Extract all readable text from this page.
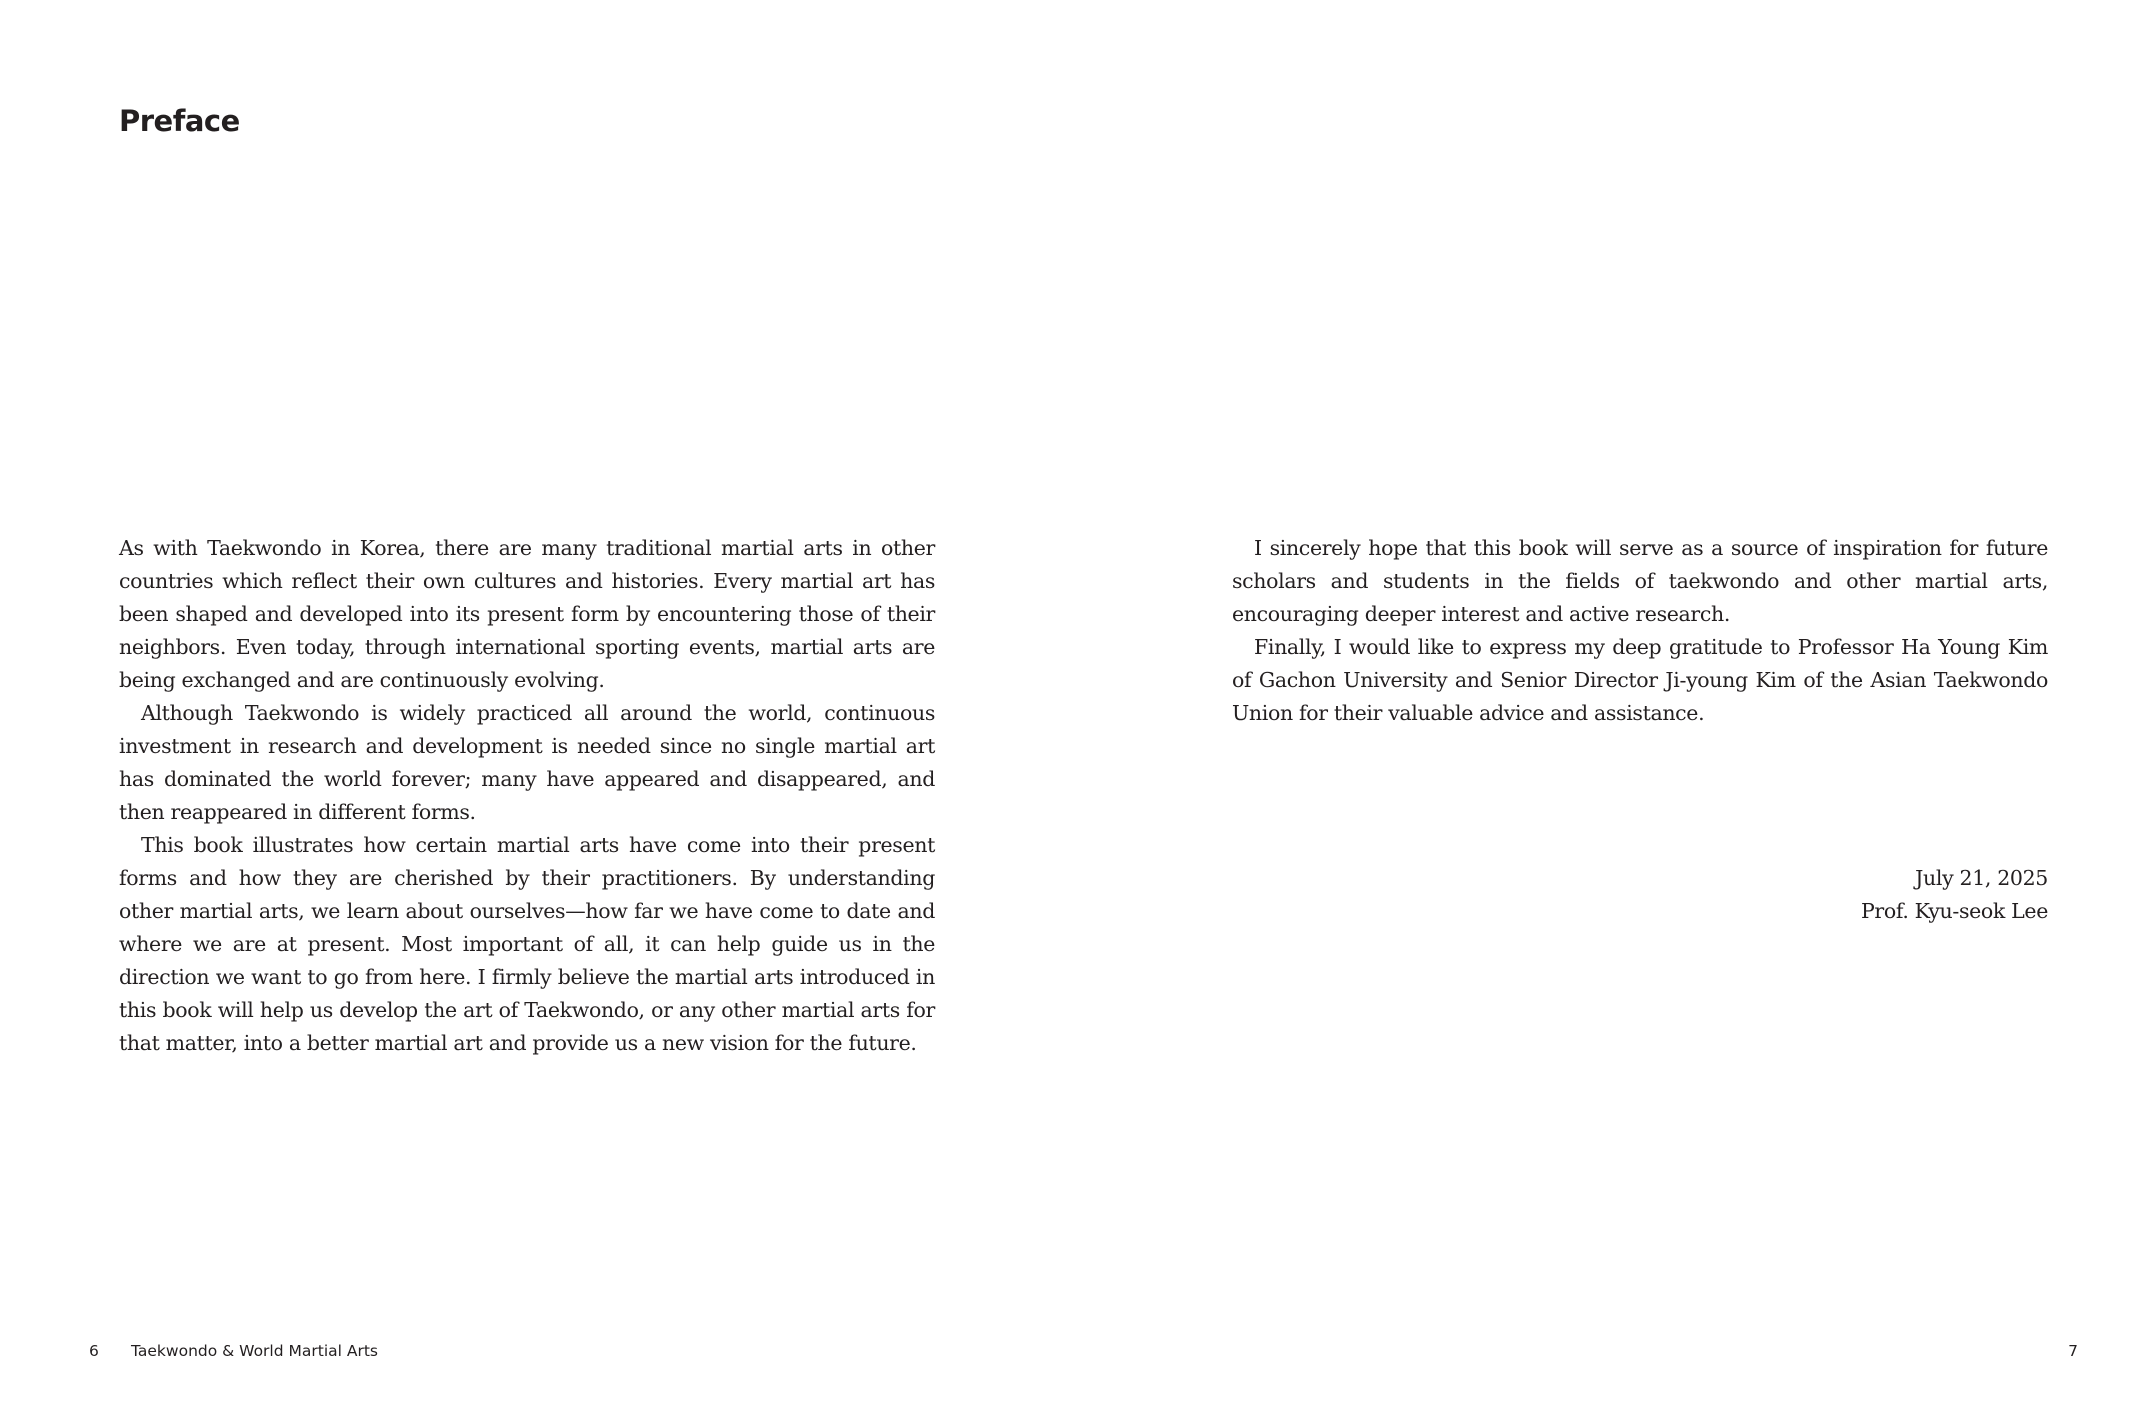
Preface

As with Taekwondo in Korea, there are many traditional martial arts in other countries which reflect their own cultures and histories. Every martial art has been shaped and developed into its present form by encountering those of their neighbors. Even today, through international sporting events, martial arts are being exchanged and are continuously evolving.

Although Taekwondo is widely practiced all around the world, continuous investment in research and development is needed since no single martial art has dominated the world forever; many have appeared and disappeared, and then reappeared in different forms.

This book illustrates how certain martial arts have come into their present forms and how they are cherished by their practitioners. By understanding other martial arts, we learn about ourselves—how far we have come to date and where we are at present. Most important of all, it can help guide us in the direction we want to go from here. I firmly believe the martial arts introduced in this book will help us develop the art of Taekwondo, or any other martial arts for that matter, into a better martial art and provide us a new vision for the future.

6 Taekwondo & World Martial Arts

I sincerely hope that this book will serve as a source of inspiration for future scholars and students in the fields of taekwondo and other martial arts, encouraging deeper interest and active research.

Finally, I would like to express my deep gratitude to Professor Ha Young Kim of Gachon University and Senior Director Ji-young Kim of the Asian Taekwondo Union for their valuable advice and assistance.

July 21, 2025
Prof. Kyu-seok Lee
7
